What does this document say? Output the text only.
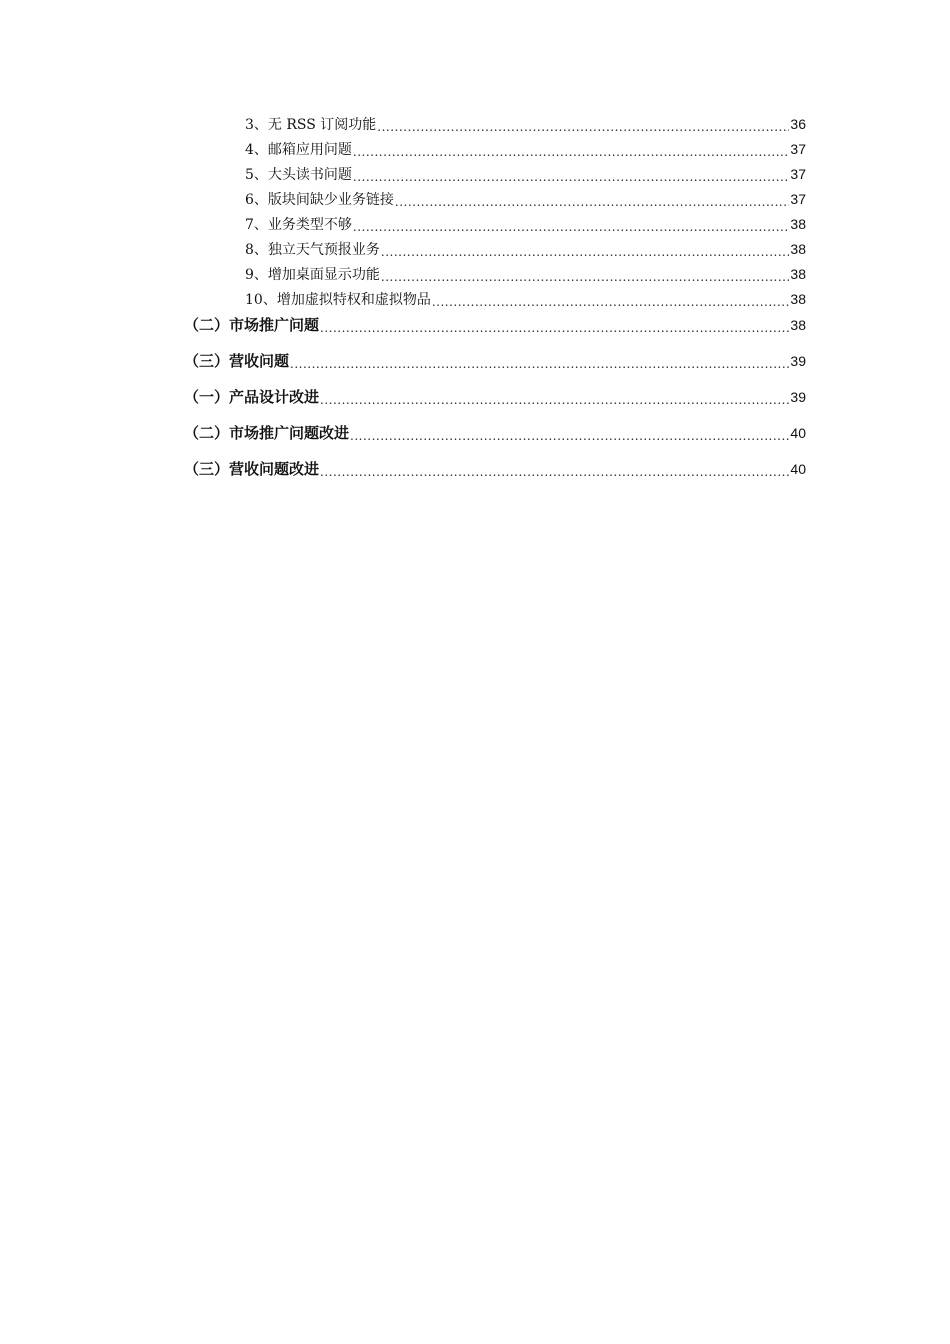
3、无 RSS 订阅功能 .....	36
4、邮箱应用问题 .....	37
5、大头读书问题 .....	37
6、版块间缺少业务链接 .....	37
7、业务类型不够 .....	38
8、独立天气预报业务 .....	38
9、增加桌面显示功能 .....	38
10、增加虚拟特权和虚拟物品 .....	38
（二）市场推广问题 .....	38
（三）营收问题 .....	39
（一）产品设计改进 .....	39
（二）市场推广问题改进 .....	40
（三）营收问题改进 .....	40
